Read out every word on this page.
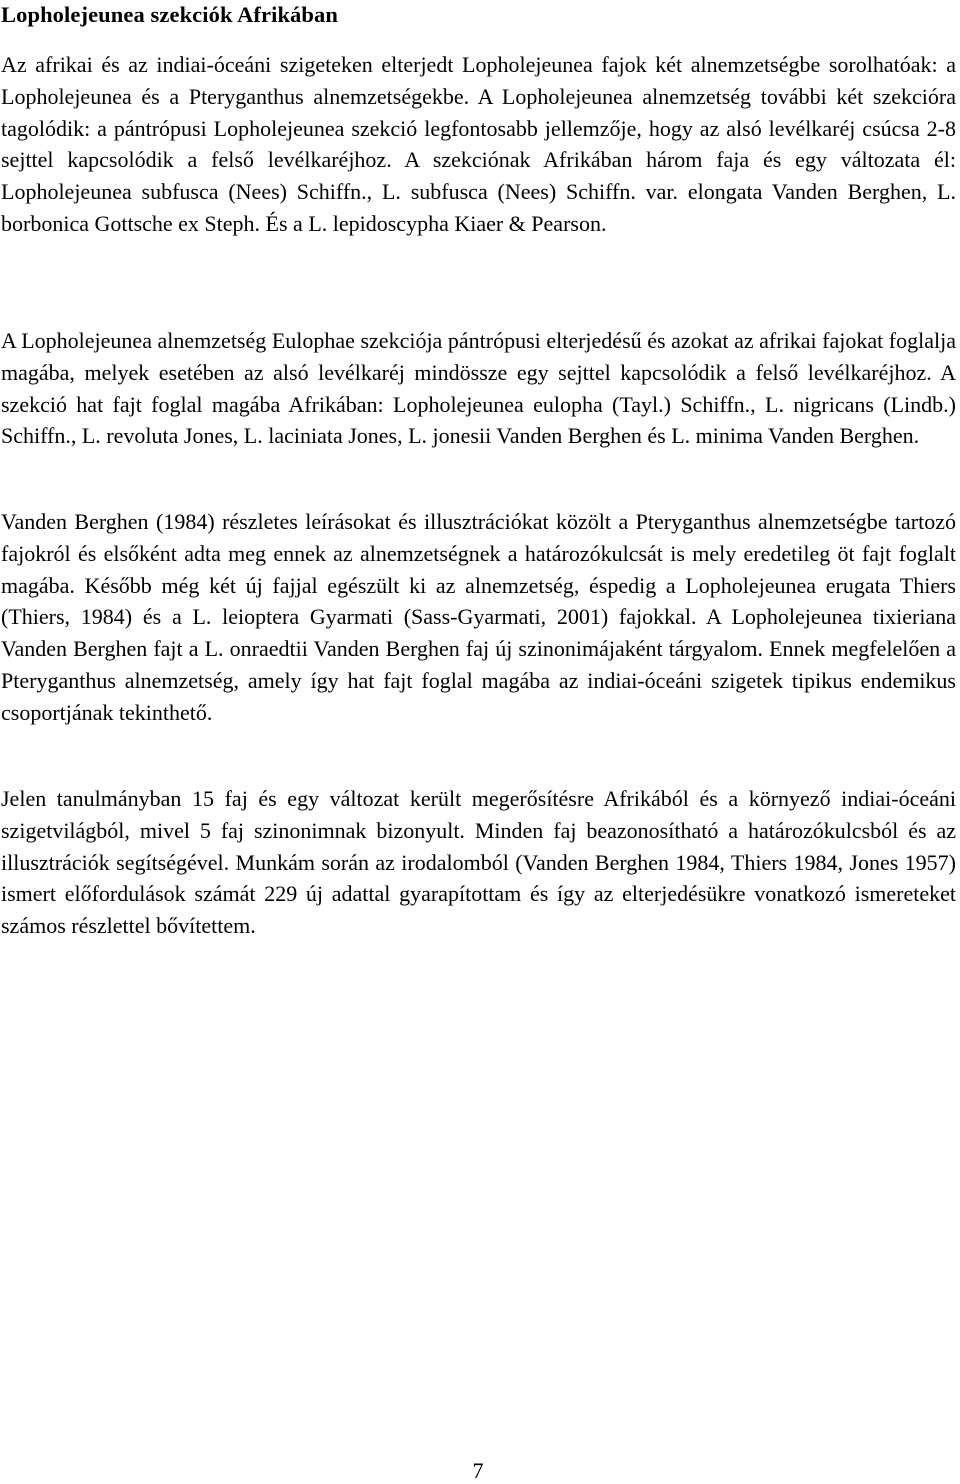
Lopholejeunea szekciók Afrikában

Az afrikai és az indiai-óceáni szigeteken elterjedt Lopholejeunea fajok két alnemzetségbe sorolhatóak: a Lopholejeunea és a Pteryganthus alnemzetségekbe. A Lopholejeunea alnemzetség további két szekcióra tagolódik: a pántrópusi Lopholejeunea szekció legfontosabb jellemzője, hogy az alsó levélkaréj csúcsa 2-8 sejttel kapcsolódik a felső levélkaréjhoz. A szekciónak Afrikában három faja és egy változata él: Lopholejeunea subfusca (Nees) Schiffn., L. subfusca (Nees) Schiffn. var. elongata Vanden Berghen, L. borbonica Gottsche ex Steph. És a L. lepidoscypha Kiaer & Pearson.

A Lopholejeunea alnemzetség Eulophae szekciója pántrópusi elterjedésű és azokat az afrikai fajokat foglalja magába, melyek esetében az alsó levélkaréj mindössze egy sejttel kapcsolódik a felső levélkaréjhoz. A szekció hat fajt foglal magába Afrikában: Lopholejeunea eulopha (Tayl.) Schiffn., L. nigricans (Lindb.) Schiffn., L. revoluta Jones, L. laciniata Jones, L. jonesii Vanden Berghen és L. minima Vanden Berghen.

Vanden Berghen (1984) részletes leírásokat és illusztrációkat közölt a Pteryganthus alnemzetségbe tartozó fajokról és elsőként adta meg ennek az alnemzetségnek a határozókulcsát is mely eredetileg öt fajt foglalt magába. Később még két új fajjal egészült ki az alnemzetség, éspedig a Lopholejeunea erugata Thiers (Thiers, 1984) és a L. leioptera Gyarmati (Sass-Gyarmati, 2001) fajokkal. A Lopholejeunea tixieriana Vanden Berghen fajt a L. onraedtii Vanden Berghen faj új szinonimájaként tárgyalom. Ennek megfelelően a Pteryganthus alnemzetség, amely így hat fajt foglal magába az indiai-óceáni szigetek tipikus endemikus csoportjának tekinthető.

Jelen tanulmányban 15 faj és egy változat került megerősítésre Afrikából és a környező indiai-óceáni szigetvilágból, mivel 5 faj szinonimnak bizonyult. Minden faj beazonosítható a határozókulcsból és az illusztrációk segítségével. Munkám során az irodalomból (Vanden Berghen 1984, Thiers 1984, Jones 1957) ismert előfordulások számát 229 új adattal gyarapítottam és így az elterjedésükre vonatkozó ismereteket számos részlettel bővítettem.

7
